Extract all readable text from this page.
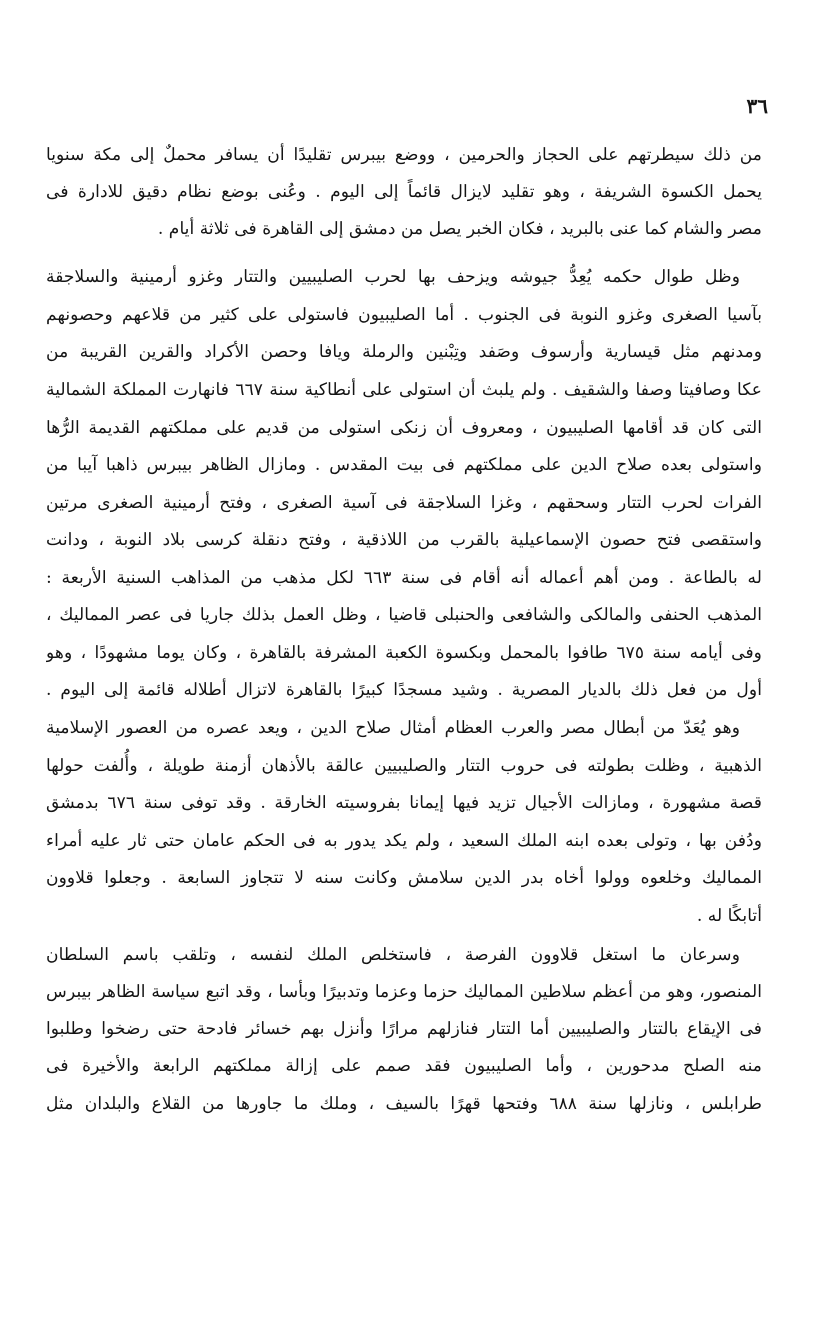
٣٦
من ذلك سيطرتهم على الحجاز والحرمين ، ووضع بيبرس تقليدًا أن يسافر محملٌ إلى مكة سنويا
يحمل الكسوة الشريفة ، وهو تقليد لايزال قائماً إلى اليوم . وعُنى بوضع نظام دقيق للادارة فى
مصر والشام كما عنى بالبريد ، فكان الخبر يصل من دمشق إلى القاهرة فى ثلاثة أيام .
وظل طوال حكمه يُعِدُّ جيوشه ويزحف بها لحرب الصليبيين والتتار وغزو أرمينية والسلاجقة
بآسيا الصغرى وغزو النوبة فى الجنوب . أما الصليبيون فاستولى على كثير من قلاعهم وحصونهم
ومدنهم مثل قيسارية وأرسوف وصَفد وتِبْنين والرملة ويافا وحصن الأكراد والقرين القريبة من
عكا وصافيتا وصفا والشقيف . ولم يلبث أن استولى على أنطاكية سنة ٦٦٧ فانهارت المملكة الشمالية
التى كان قد أقامها الصليبيون ، ومعروف أن زنكى استولى من قديم على مملكتهم القديمة الرُّها
واستولى بعده صلاح الدين على مملكتهم فى بيت المقدس . ومازال الظاهر بيبرس ذاهبا آيبا من
الفرات لحرب التتار وسحقهم ، وغزا السلاجقة فى آسية الصغرى ، وفتح أرمينية الصغرى مرتين
واستقصى فتح حصون الإسماعيلية بالقرب من اللاذقية ، وفتح دنقلة كرسى بلاد النوبة ، ودانت
له بالطاعة . ومن أهم أعماله أنه أقام فى سنة ٦٦٣ لكل مذهب من المذاهب السنية الأربعة :
المذهب الحنفى والمالكى والشافعى والحنبلى قاضيا ، وظل العمل بذلك جاريا فى عصر المماليك ،
وفى أيامه سنة ٦٧٥ طافوا بالمحمل وبكسوة الكعبة المشرفة بالقاهرة ، وكان يوما مشهودًا ، وهو
أول من فعل ذلك بالديار المصرية . وشيد مسجدًا كبيرًا بالقاهرة لاتزال أطلاله قائمة إلى اليوم .
وهو يُعَدّ من أبطال مصر والعرب العظام أمثال صلاح الدين ، ويعد عصره من العصور الإسلامية
الذهبية ، وظلت بطولته فى حروب التتار والصليبيين عالقة بالأذهان أزمنة طويلة ، وأُلفت حولها
قصة مشهورة ، ومازالت الأجيال تزيد فيها إيمانا بفروسيته الخارقة . وقد توفى سنة ٦٧٦ بدمشق
ودُفن بها ، وتولى بعده ابنه الملك السعيد ، ولم يكد يدور به فى الحكم عامان حتى ثار عليه أمراء
المماليك وخلعوه وولوا أخاه بدر الدين سلامش وكانت سنه لا تتجاوز السابعة . وجعلوا قلاوون
أتابكًا له .
وسرعان ما استغل قلاوون الفرصة ، فاستخلص الملك لنفسه ، وتلقب باسم السلطان
المنصور، وهو من أعظم سلاطين المماليك حزما وعزما وتدبيرًا وبأسا ، وقد اتبع سياسة الظاهر بيبرس
فى الإيقاع بالتتار والصليبيين أما التتار فنازلهم مرارًا وأنزل بهم خسائر فادحة حتى رضخوا وطلبوا
منه الصلح مدحورين ، وأما الصليبيون فقد صمم على إزالة مملكتهم الرابعة والأخيرة فى
طرابلس ، ونازلها سنة ٦٨٨ وفتحها قهرًا بالسيف ، وملك ما جاورها من القلاع والبلدان مثل
